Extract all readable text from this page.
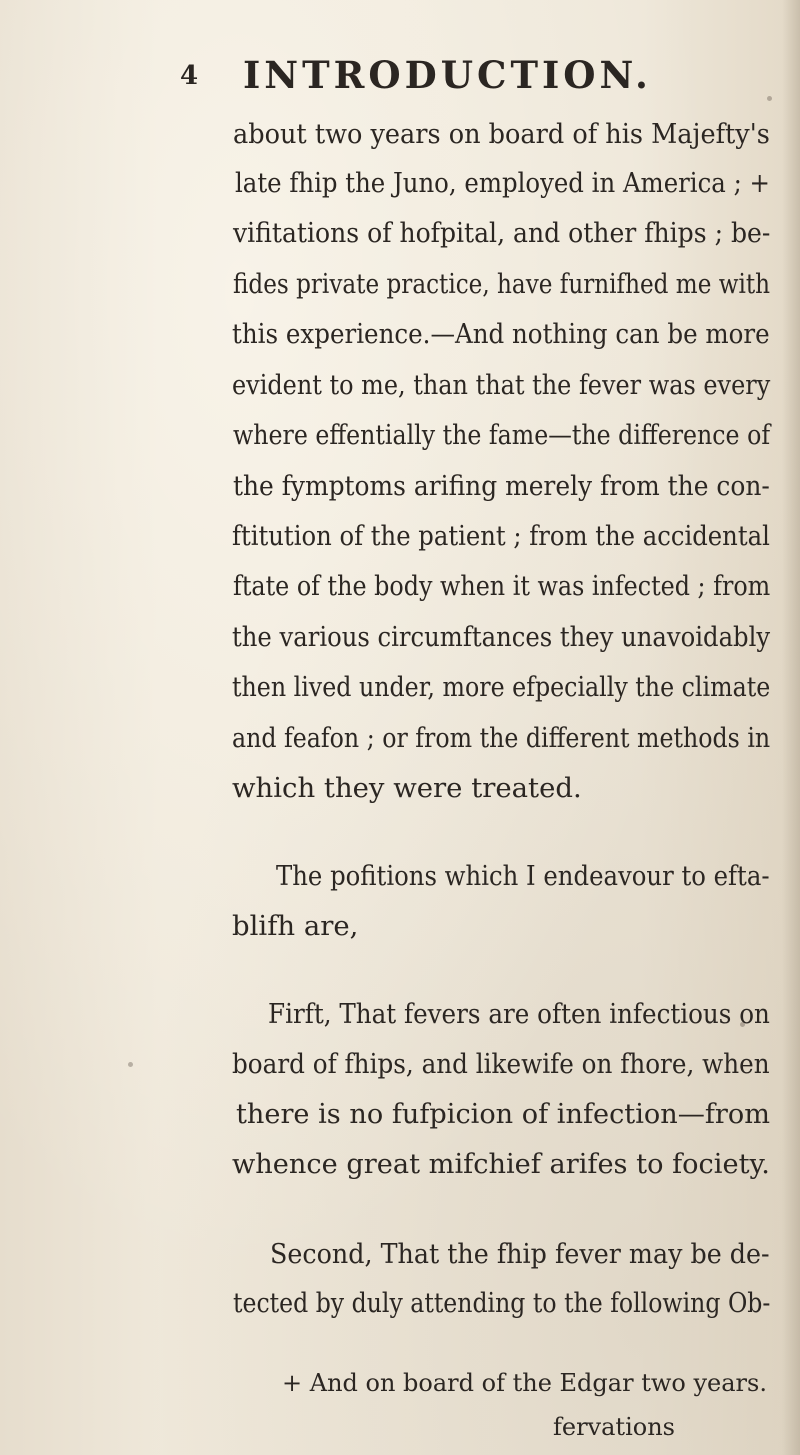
4 INTRODUCTION.
about two years on board of his Majefty's
late fhip the Juno, employed in America ; +
vifitations of hofpital, and other fhips ; be-
fides private practice, have furnifhed me with
this experience.—And nothing can be more
evident to me, than that the fever was every
where effentially the fame—the difference of
the fymptoms arifing merely from the con-
ftitution of the patient ; from the accidental
ftate of the body when it was infected ; from
the various circumftances they unavoidably
then lived under, more efpecially the climate
and feafon ; or from the different methods in
which they were treated.
The pofitions which I endeavour to efta-
blifh are,
Firft, That fevers are often infectious on
board of fhips, and likewife on fhore, when
there is no fufpicion of infection—from
whence great mifchief arifes to fociety.
Second, That the fhip fever may be de-
tected by duly attending to the following Ob-
+ And on board of the Edgar two years.
fervations
